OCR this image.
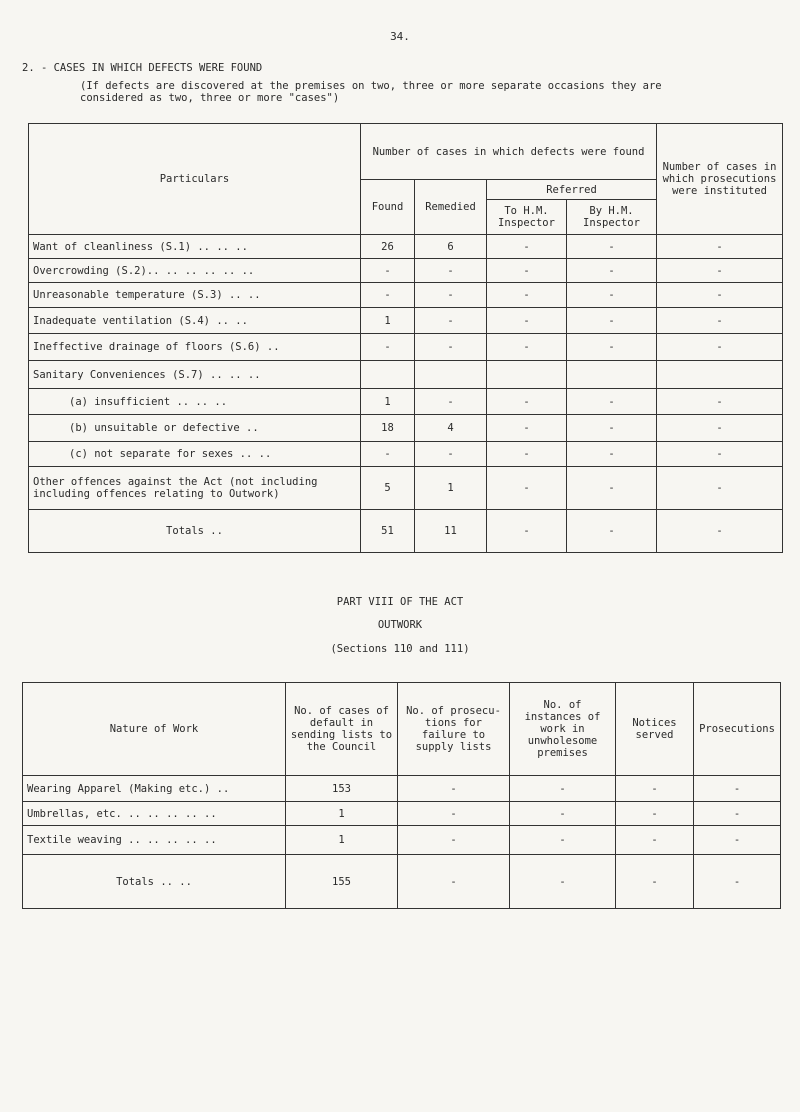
34.
2. - CASES IN WHICH DEFECTS WERE FOUND
(If defects are discovered at the premises on two, three or more separate occasions they are considered as two, three or more "cases")
Particulars	Number of cases in which defects were found				Number of cases in which prosecutions were instituted
	Found	Remedied	Referred		
			To H.M. Inspector	By H.M. Inspector	
Want of cleanliness (S.1) .. .. ..	26	6	-	-	-
Overcrowding (S.2).. .. .. .. .. ..	-	-	-	-	-
Unreasonable temperature (S.3) .. ..	-	-	-	-	-
Inadequate ventilation (S.4) .. ..	1	-	-	-	-
Ineffective drainage of floors (S.6) ..	-	-	-	-	-
Sanitary Conveniences (S.7) .. .. ..					
(a) insufficient .. .. ..	1	-	-	-	-
(b) unsuitable or defective ..	18	4	-	-	-
(c) not separate for sexes .. ..	-	-	-	-	-
Other offences against the Act (not including including offences relating to Outwork)	5	1	-	-	-
Totals ..	51	11	-	-	-
PART VIII OF THE ACT
OUTWORK
(Sections 110 and 111)
Nature of Work	No. of cases of default in sending lists to the Council	No. of prosecu- tions for failure to supply lists	No. of instances of work in unwholesome premises	Notices served	Prosecutions
Wearing Apparel (Making etc.) ..	153	-	-	-	-
Umbrellas, etc. .. .. .. .. ..	1	-	-	-	-
Textile weaving .. .. .. .. ..	1	-	-	-	-
Totals .. ..	155	-	-	-	-
